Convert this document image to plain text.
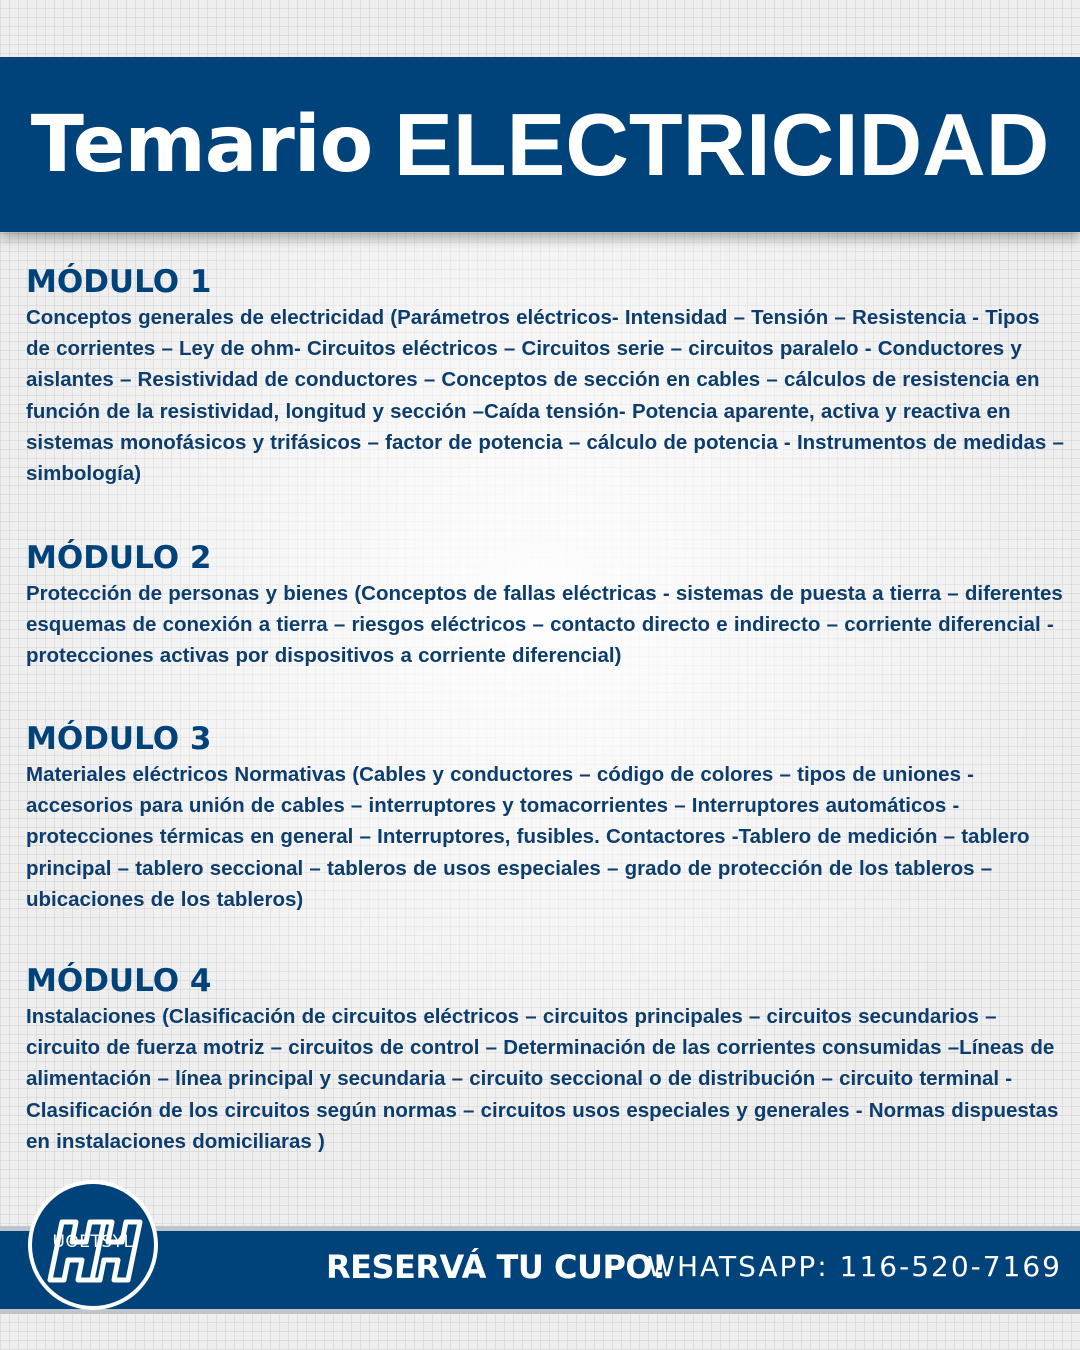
Temario ELECTRICIDAD
MÓDULO 1

Conceptos generales de electricidad (Parámetros eléctricos- Intensidad – Tensión – Resistencia - Tipos de corrientes – Ley de ohm- Circuitos eléctricos – Circuitos serie – circuitos paralelo - Conductores y aislantes – Resistividad de conductores – Conceptos de sección en cables – cálculos de resistencia en función de la resistividad, longitud y sección –Caída tensión- Potencia aparente, activa y reactiva en sistemas monofásicos y trifásicos – factor de potencia – cálculo de potencia - Instrumentos de medidas – simbología)

MÓDULO 2

Protección de personas y bienes (Conceptos de fallas eléctricas - sistemas de puesta a tierra – diferentes esquemas de conexión a tierra – riesgos eléctricos – contacto directo e indirecto – corriente diferencial - protecciones activas por dispositivos a corriente diferencial)

MÓDULO 3

Materiales eléctricos Normativas (Cables y conductores – código de colores – tipos de uniones - accesorios para unión de cables – interruptores y tomacorrientes – Interruptores automáticos - protecciones térmicas en general – Interruptores, fusibles. Contactores -Tablero de medición – tablero principal – tablero seccional – tableros de usos especiales – grado de protección de los tableros – ubicaciones de los tableros)

MÓDULO 4

Instalaciones (Clasificación de circuitos eléctricos – circuitos principales – circuitos secundarios –circuito de fuerza motriz – circuitos de control – Determinación de las corrientes consumidas –Líneas de alimentación – línea principal y secundaria – circuito seccional o de distribución – circuito terminal - Clasificación de los circuitos según normas – circuitos usos especiales y generales - Normas dispuestas en instalaciones domiciliaras )

UOETSYL
RESERVÁ TU CUPO!
WHATSAPP: 116-520-7169
